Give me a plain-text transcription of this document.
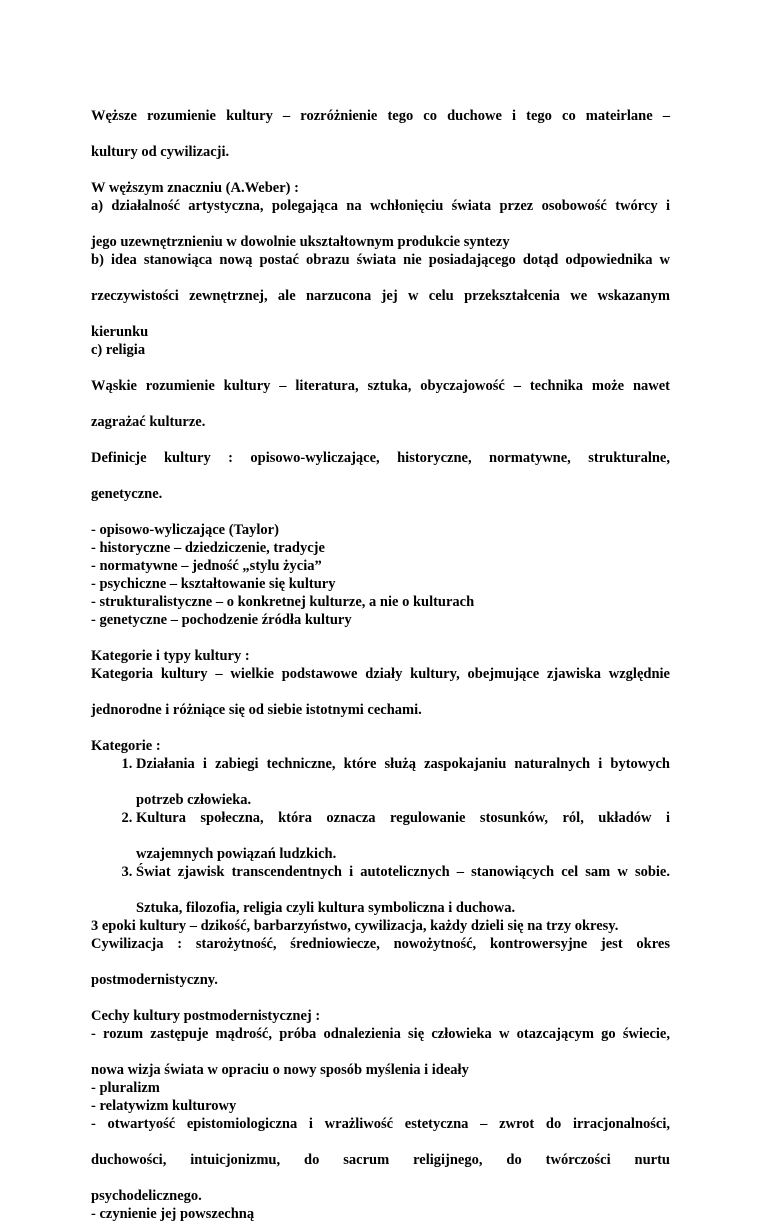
Węższe rozumienie kultury – rozróżnienie tego co duchowe i tego co mateirlane –

kultury od cywilizacji.

W węższym znaczniu (A.Weber) :

a) działalność artystyczna, polegająca na wchłonięciu świata przez osobowość twórcy i

jego uzewnętrznieniu w dowolnie ukształtownym produkcie syntezy

b) idea stanowiąca nową postać obrazu świata nie posiadającego dotąd odpowiednika w

rzeczywistości zewnętrznej, ale narzucona jej w celu przekształcenia we wskazanym

kierunku

c) religia

Wąskie rozumienie kultury – literatura, sztuka, obyczajowość – technika może nawet

zagrażać kulturze.

Definicje kultury : opisowo-wyliczające, historyczne, normatywne, strukturalne,

genetyczne.

- opisowo-wyliczające (Taylor)

- historyczne – dziedziczenie, tradycje

- normatywne – jedność „stylu życia”

- psychiczne – kształtowanie się kultury

- strukturalistyczne – o konkretnej kulturze, a nie o kulturach

- genetyczne – pochodzenie źródła kultury

Kategorie i typy kultury :

Kategoria kultury – wielkie podstawowe działy kultury, obejmujące zjawiska względnie

jednorodne i różniące się od siebie istotnymi cechami.

Kategorie :

1. Działania i zabiegi techniczne, które służą zaspokajaniu naturalnych i bytowych

potrzeb człowieka.

2. Kultura społeczna, która oznacza regulowanie stosunków, ról, układów i

wzajemnych powiązań ludzkich.

3. Świat zjawisk transcendentnych i autotelicznych – stanowiących cel sam w sobie.

Sztuka, filozofia, religia czyli kultura symboliczna i duchowa.

3 epoki kultury – dzikość, barbarzyństwo, cywilizacja, każdy dzieli się na trzy okresy.

Cywilizacja : starożytność, średniowiecze, nowożytność, kontrowersyjne jest okres

postmodernistyczny.

Cechy kultury postmodernistycznej :

- rozum zastępuje mądrość, próba odnalezienia się człowieka w otazcającym go świecie,

nowa wizja świata w opraciu o nowy sposób myślenia i ideały

- pluralizm

- relatywizm kulturowy

- otwartyość epistomiologiczna i wrażliwość estetyczna – zwrot do irracjonalności,

duchowości, intuicjonizmu, do sacrum religijnego, do twórczości nurtu

psychodelicznego.

- czynienie jej powszechną
